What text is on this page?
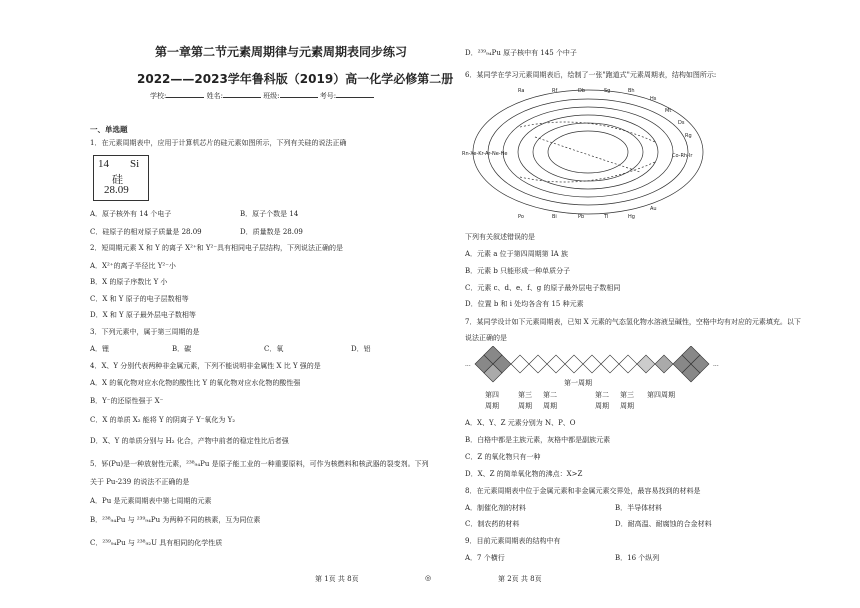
第一章第二节元素周期律与元素周期表同步练习
2022——2023学年鲁科版（2019）高一化学必修第二册
学校:	姓名:	班级:	考号:
一、单选题
1．在元素周期表中，应用于计算机芯片的硅元素如图所示，下列有关硅的说法正确
14 Si
硅
28.09
A．原子核外有 14 个电子	B．原子个数是 14
C．硅原子的相对原子质量是 28.09	D．质量数是 28.09
2．短周期元素 X 和 Y 的离子 X²⁺和 Y²⁻具有相同电子层结构，下列说法正确的是
A．X²⁺的离子半径比 Y²⁻小
B．X 的原子序数比 Y 小
C．X 和 Y 原子的电子层数相等
D．X 和 Y 原子最外层电子数相等
3．下列元素中，属于第三周期的是
A．锂	B．碳	C．氧	D．铝
4．X、Y 分别代表两种非金属元素，下列不能说明非金属性 X 比 Y 强的是
A．X 的氧化物对应水化物的酸性比 Y 的氧化物对应水化物的酸性强
B．Y⁻的还原性强于 X⁻
C．X 的单质 X₂ 能将 Y 的阴离子 Y⁻氧化为 Y₂
D．X、Y 的单质分别与 H₂ 化合，产物中前者的稳定性比后者强
5．钚(Pu)是一种放射性元素，²³⁸₉₄Pu 是原子能工业的一种重要原料，可作为核燃料和核武器的裂变剂。下列
关于 Pu-239 的说法不正确的是
A．Pu 是元素周期表中第七周期的元素
B．²³⁸₉₄Pu 与 ²³⁹₉₄Pu 为两种不同的核素，互为同位素
C．²³⁹₉₄Pu 与 ²³⁸₉₂U 具有相同的化学性质
第 1页 共 8页	◎
D．²³⁹₉₄Pu 原子核中有 145 个中子
6．某同学在学习元素周期表后，绘制了一张"跑道式"元素周期表，结构如图所示:
Ra	Rf	Db	Sg	Bh
Hs
Mt
Ds
Rg
Rn-Xe-Kr-Ar-Ne-He	Co-Rh-Ir
Po	Bi	Pb	Tl	Hg
Au
下列有关叙述错误的是
A．元素 a 位于第四周期第 IA 族
B．元素 b 只能形成一种单质分子
C．元素 c、d、e、f、g 的原子最外层电子数相同
D．位置 b 和 i 处均各含有 15 种元素
7．某同学设计如下元素周期表，已知 X 元素的气态氢化物水溶液呈碱性，空格中均有对应的元素填充。以下
说法正确的是
···	···
第四
周期
第三
周期
第二
周期
第一周期
第二
周期
第三
周期
第四周期
A．X、Y、Z 元素分别为 N、P、O
B．白格中都是主族元素，灰格中都是副族元素
C．Z 的氧化物只有一种
D．X、Z 的简单氧化物的沸点：X>Z
8．在元素周期表中位于金属元素和非金属元素交界处，最容易找到的材料是
A．制催化剂的材料	B．半导体材料
C．制农药的材料	D．耐高温、耐腐蚀的合金材料
9．目前元素周期表的结构中有
A．7 个横行	B．16 个纵列
第 2页 共 8页
